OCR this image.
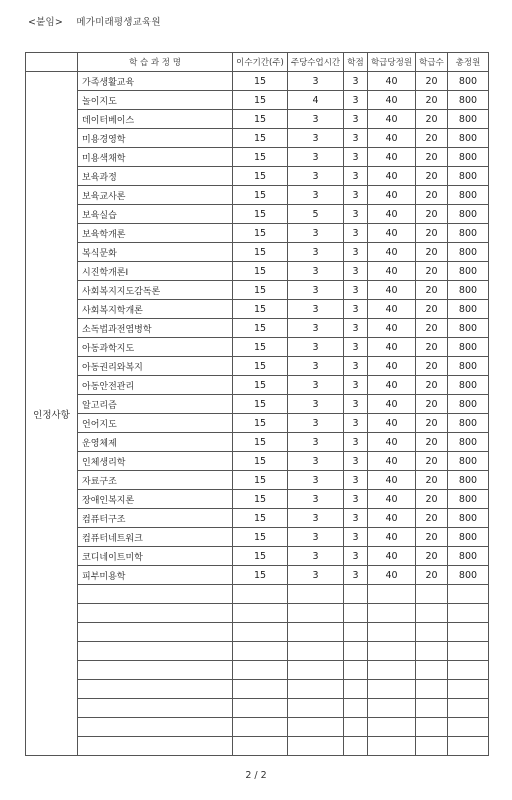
<붙임> 메가미래평생교육원
	학 습 과 정 명	이수기간(주)	주당수업시간	학점	학급당정원	학급수	총정원
인정사항	가족생활교육	15	3	3	40	20	800
	놀이지도	15	4	3	40	20	800
	데이터베이스	15	3	3	40	20	800
	미용경영학	15	3	3	40	20	800
	미용색채학	15	3	3	40	20	800
	보육과정	15	3	3	40	20	800
	보육교사론	15	3	3	40	20	800
	보육실습	15	5	3	40	20	800
	보육학개론	15	3	3	40	20	800
	복식문화	15	3	3	40	20	800
	시진학개론Ⅰ	15	3	3	40	20	800
	사회복지지도감독론	15	3	3	40	20	800
	사회복지학개론	15	3	3	40	20	800
	소독법과전염병학	15	3	3	40	20	800
	아동과학지도	15	3	3	40	20	800
	아동권리와복지	15	3	3	40	20	800
	아동안전관리	15	3	3	40	20	800
	알고리즘	15	3	3	40	20	800
	언어지도	15	3	3	40	20	800
	운영체제	15	3	3	40	20	800
	인체생리학	15	3	3	40	20	800
	자료구조	15	3	3	40	20	800
	장애인복지론	15	3	3	40	20	800
	컴퓨터구조	15	3	3	40	20	800
	컴퓨터네트워크	15	3	3	40	20	800
	코디네이트미학	15	3	3	40	20	800
	피부미용학	15	3	3	40	20	800

2 / 2
